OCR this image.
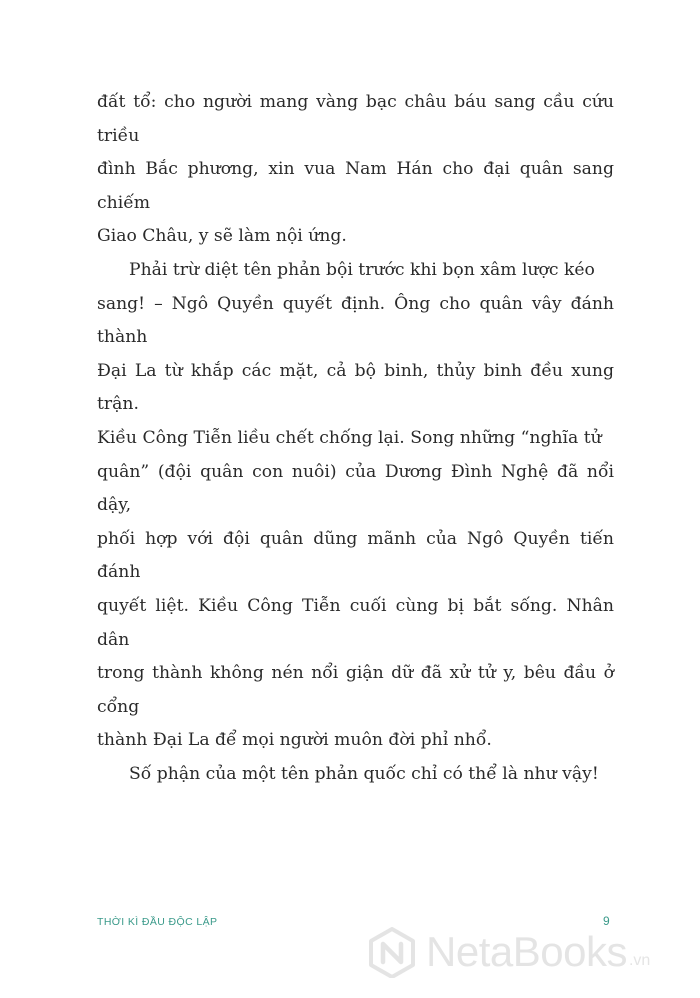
đất tổ: cho người mang vàng bạc châu báu sang cầu cứu triều
đình Bắc phương, xin vua Nam Hán cho đại quân sang chiếm
Giao Châu, y sẽ làm nội ứng.

Phải trừ diệt tên phản bội trước khi bọn xâm lược kéo
sang! – Ngô Quyền quyết định. Ông cho quân vây đánh thành
Đại La từ khắp các mặt, cả bộ binh, thủy binh đều xung trận.
Kiều Công Tiễn liều chết chống lại. Song những “nghĩa tử
quân” (đội quân con nuôi) của Dương Đình Nghệ đã nổi dậy,
phối hợp với đội quân dũng mãnh của Ngô Quyền tiến đánh
quyết liệt. Kiều Công Tiễn cuối cùng bị bắt sống. Nhân dân
trong thành không nén nổi giận dữ đã xử tử y, bêu đầu ở cổng
thành Đại La để mọi người muôn đời phỉ nhổ.

Số phận của một tên phản quốc chỉ có thể là như vậy!

THỜI KÌ ĐẦU ĐỘC LẬP	9
NetaBooks .vn
